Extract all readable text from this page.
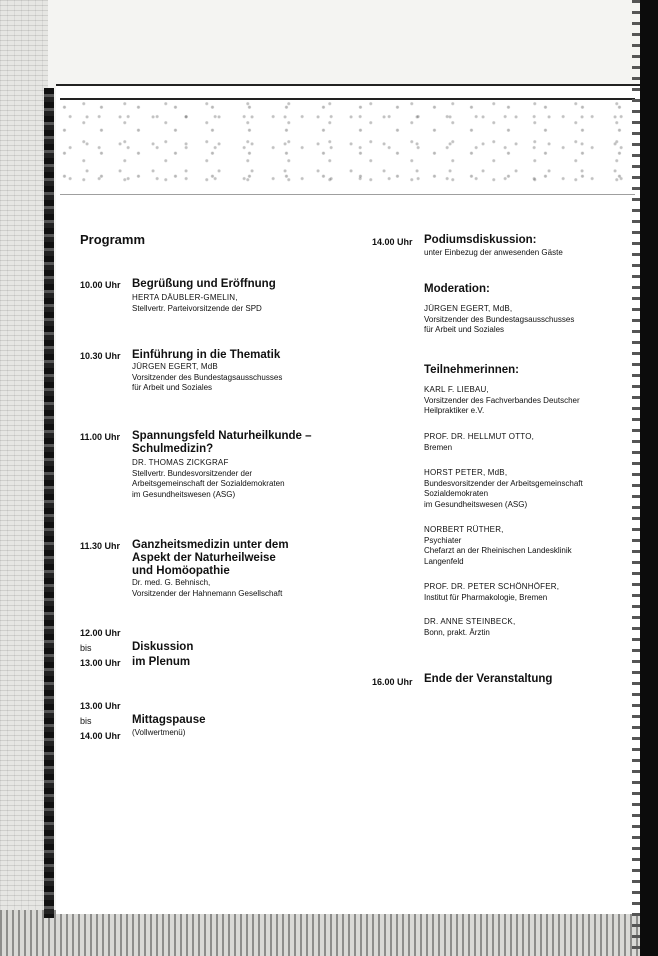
Programm
10.00 Uhr Begrüßung und Eröffnung

HERTA DÄUBLER-GMELIN,

Stellvertr. Parteivorsitzende der SPD

10.30 Uhr Einführung in die Thematik

JÜRGEN EGERT, MdB

Vorsitzender des Bundestagsausschusses

für Arbeit und Soziales

11.00 Uhr	Spannungsfeld Naturheilkunde –

Schulmedizin?

DR. THOMAS ZICKGRAF

Stellvertr. Bundesvorsitzender der

Arbeitsgemeinschaft der Sozialdemokraten

im Gesundheitswesen (ASG)

11.30 Uhr	Ganzheitsmedizin unter dem

Aspekt der Naturheilweise

und Homöopathie

Dr. med. G. Behnisch,

Vorsitzender der Hahnemann Gesellschaft

12.00 Uhr
bis
13.00 Uhr

Diskussion

im Plenum

13.00 Uhr
bis
14.00 Uhr

Mittagspause

(Vollwertmenü)

14.00 Uhr Podiumsdiskussion:
unter Einbezug der anwesenden Gäste
Moderation:

JÜRGEN EGERT, MdB,

Vorsitzender des Bundestagsausschusses

für Arbeit und Soziales

Teilnehmerinnen:

KARL F. LIEBAU,

Vorsitzender des Fachverbandes Deutscher

Heilpraktiker e.V.

PROF. DR. HELLMUT OTTO,

Bremen

HORST PETER, MdB,

Bundesvorsitzender der Arbeitsgemeinschaft

Sozialdemokraten

im Gesundheitswesen (ASG)

NORBERT RÜTHER,

Psychiater

Chefarzt an der Rheinischen Landesklinik

Langenfeld

PROF. DR. PETER SCHÖNHÖFER,

Institut für Pharmakologie, Bremen

DR. ANNE STEINBECK,

Bonn, prakt. Ärztin

16.00 Uhr Ende der Veranstaltung
